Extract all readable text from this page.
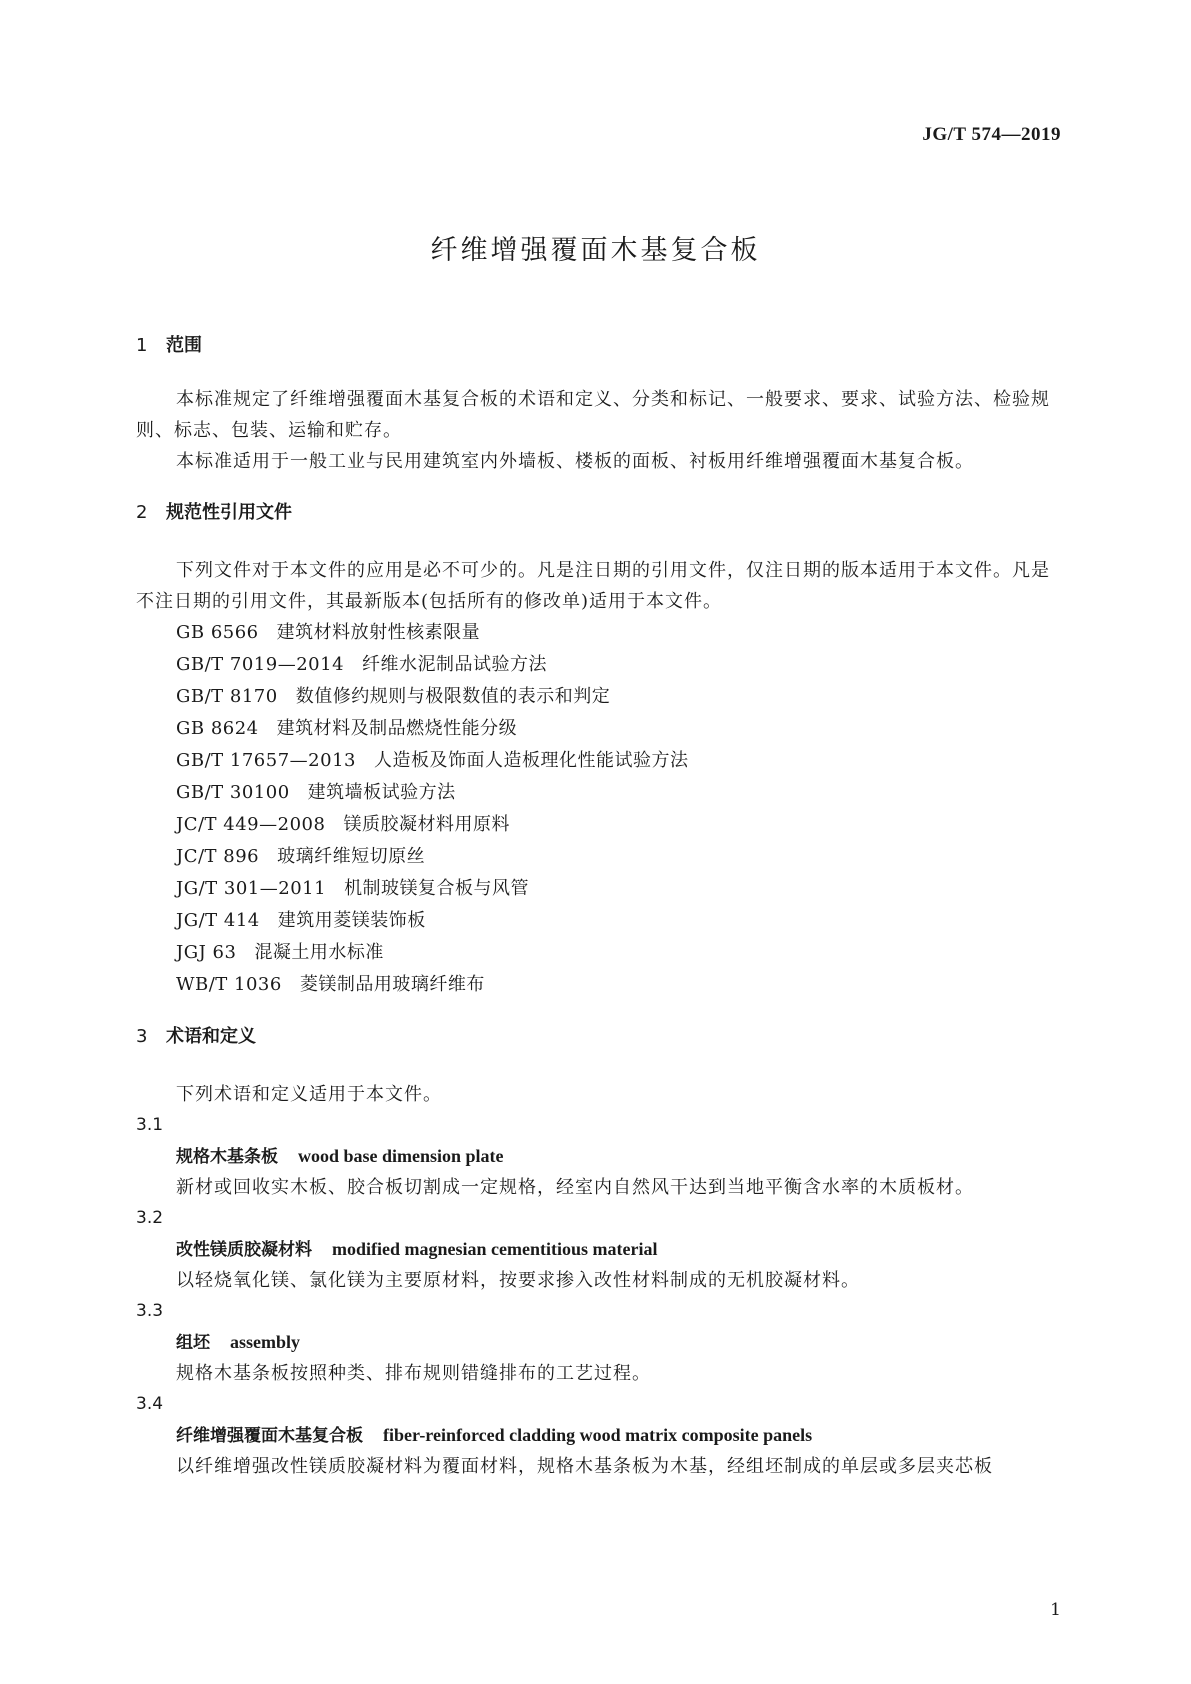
JG/T 574—2019
纤维增强覆面木基复合板
1 范围

本标准规定了纤维增强覆面木基复合板的术语和定义、分类和标记、一般要求、要求、试验方法、检验规则、标志、包装、运输和贮存。

本标准适用于一般工业与民用建筑室内外墙板、楼板的面板、衬板用纤维增强覆面木基复合板。

2 规范性引用文件

下列文件对于本文件的应用是必不可少的。凡是注日期的引用文件，仅注日期的版本适用于本文件。凡是不注日期的引用文件，其最新版本(包括所有的修改单)适用于本文件。

GB 6566 建筑材料放射性核素限量
GB/T 7019—2014 纤维水泥制品试验方法
GB/T 8170 数值修约规则与极限数值的表示和判定
GB 8624 建筑材料及制品燃烧性能分级
GB/T 17657—2013 人造板及饰面人造板理化性能试验方法
GB/T 30100 建筑墙板试验方法
JC/T 449—2008 镁质胶凝材料用原料
JC/T 896 玻璃纤维短切原丝
JG/T 301—2011 机制玻镁复合板与风管
JG/T 414 建筑用菱镁装饰板
JGJ 63 混凝土用水标准
WB/T 1036 菱镁制品用玻璃纤维布
3 术语和定义

下列术语和定义适用于本文件。

3.1
规格木基条板 wood base dimension plate
新材或回收实木板、胶合板切割成一定规格，经室内自然风干达到当地平衡含水率的木质板材。
3.2
改性镁质胶凝材料 modified magnesian cementitious material
以轻烧氧化镁、氯化镁为主要原材料，按要求掺入改性材料制成的无机胶凝材料。
3.3
组坯 assembly
规格木基条板按照种类、排布规则错缝排布的工艺过程。
3.4
纤维增强覆面木基复合板 fiber-reinforced cladding wood matrix composite panels
以纤维增强改性镁质胶凝材料为覆面材料，规格木基条板为木基，经组坯制成的单层或多层夹芯板
1
